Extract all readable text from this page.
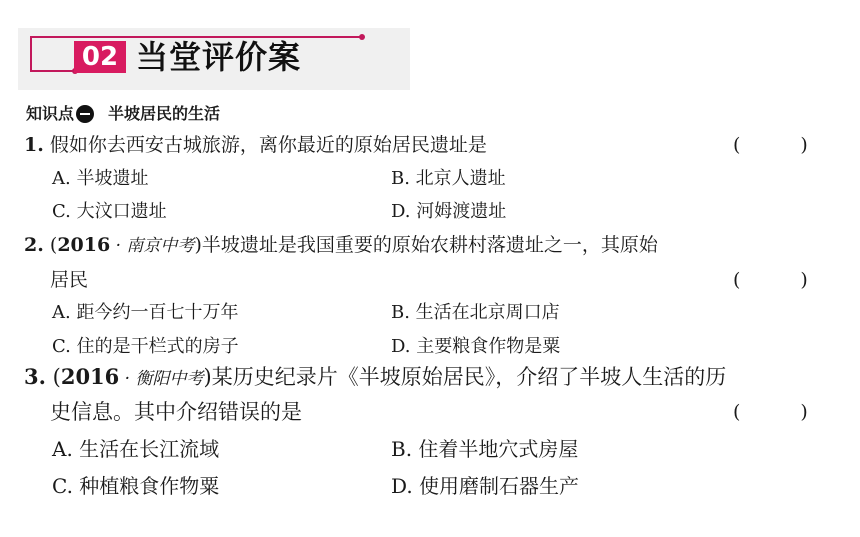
02 当堂评价案
知识点 半坡居民的生活
1. 假如你去西安古城旅游，离你最近的原始居民遗址是	(	)
A. 半坡遗址	B. 北京人遗址
C. 大汶口遗址	D. 河姆渡遗址
2. (2016 · 南京中考)半坡遗址是我国重要的原始农耕村落遗址之一，其原始
居民	(	)
A. 距今约一百七十万年	B. 生活在北京周口店
C. 住的是干栏式的房子	D. 主要粮食作物是粟
3. (2016 · 衡阳中考)某历史纪录片《半坡原始居民》，介绍了半坡人生活的历
史信息。其中介绍错误的是	(	)
A. 生活在长江流域	B. 住着半地穴式房屋
C. 种植粮食作物粟	D. 使用磨制石器生产
